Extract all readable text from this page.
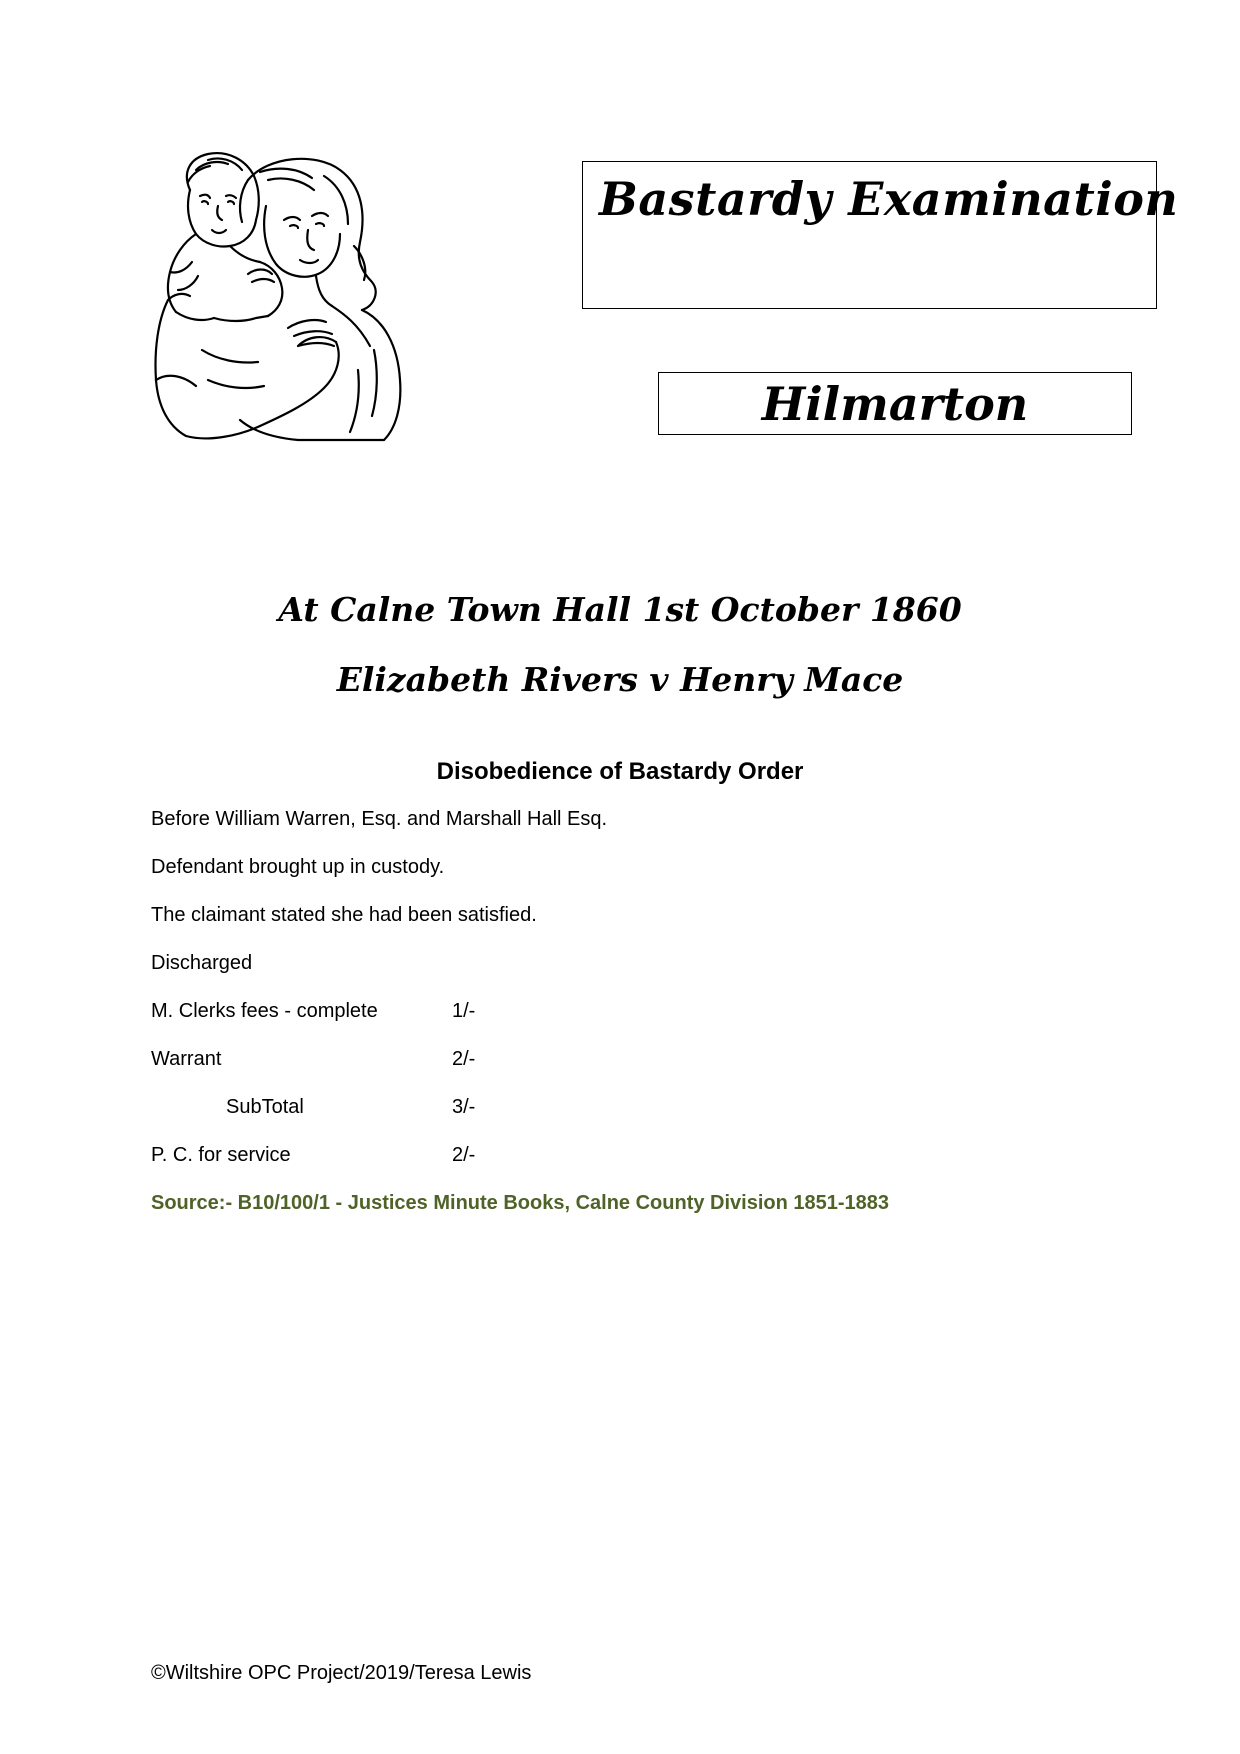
Bastardy Examination
Hilmarton
At Calne Town Hall 1st October 1860
Elizabeth Rivers v Henry Mace
Disobedience of Bastardy Order
Before William Warren, Esq. and Marshall Hall Esq.
Defendant brought up in custody.
The claimant stated she had been satisfied.
Discharged
M. Clerks fees - complete	1/-
Warrant	2/-
SubTotal	3/-
P. C. for service	2/-
Source:- B10/100/1 - Justices Minute Books, Calne County Division 1851-1883
©Wiltshire OPC Project/2019/Teresa Lewis
